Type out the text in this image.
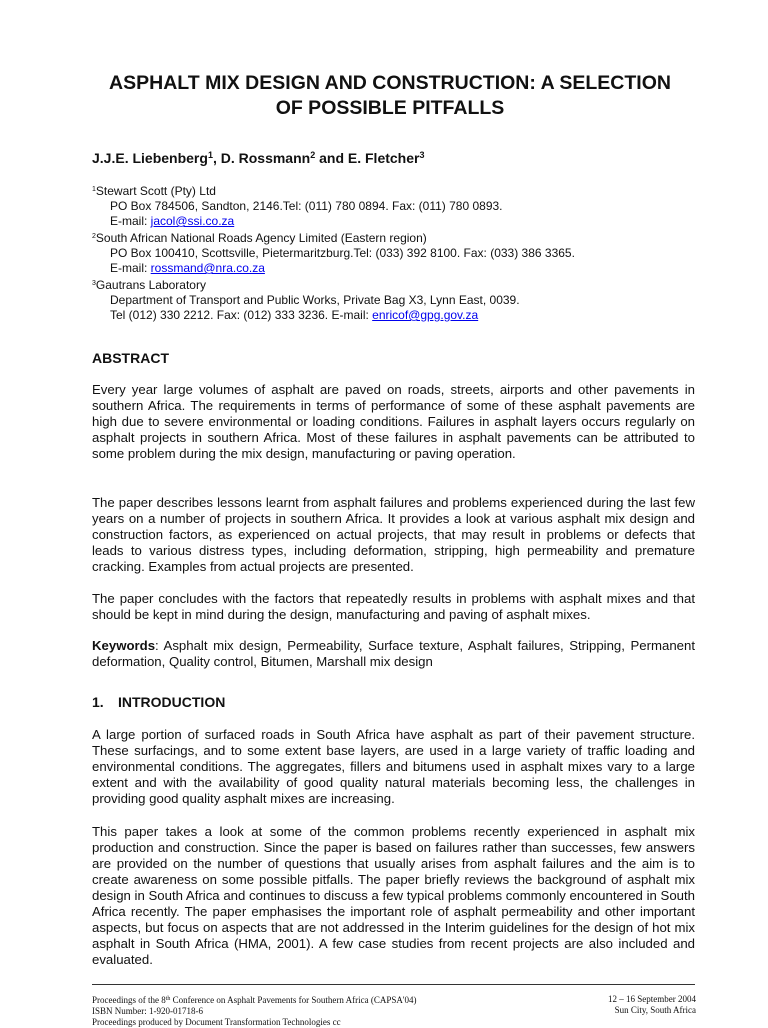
ASPHALT MIX DESIGN AND CONSTRUCTION: A SELECTION
OF POSSIBLE PITFALLS

J.J.E. Liebenberg$^1$, D. Rossmann$^2$ and E. Fletcher$^3$

$^1$Stewart Scott (Pty) Ltd
PO Box 784506, Sandton, 2146.Tel: (011) 780 0894. Fax: (011) 780 0893.
E-mail: jacol@ssi.co.za
$^2$South African National Roads Agency Limited (Eastern region)
PO Box 100410, Scottsville, Pietermaritzburg.Tel: (033) 392 8100. Fax: (033) 386 3365.
E-mail: rossmand@nra.co.za
$^3$Gautrans Laboratory
Department of Transport and Public Works, Private Bag X3, Lynn East, 0039.
Tel (012) 330 2212. Fax: (012) 333 3236. E-mail: enricof@gpg.gov.za
ABSTRACT

Every year large volumes of asphalt are paved on roads, streets, airports and other pavements in southern Africa. The requirements in terms of performance of some of these asphalt pavements are high due to severe environmental or loading conditions. Failures in asphalt layers occurs regularly on asphalt projects in southern Africa. Most of these failures in asphalt pavements can be attributed to some problem during the mix design, manufacturing or paving operation.

The paper describes lessons learnt from asphalt failures and problems experienced during the last few years on a number of projects in southern Africa. It provides a look at various asphalt mix design and construction factors, as experienced on actual projects, that may result in problems or defects that leads to various distress types, including deformation, stripping, high permeability and premature cracking. Examples from actual projects are presented.

The paper concludes with the factors that repeatedly results in problems with asphalt mixes and that should be kept in mind during the design, manufacturing and paving of asphalt mixes.

Keywords: Asphalt mix design, Permeability, Surface texture, Asphalt failures, Stripping, Permanent deformation, Quality control, Bitumen, Marshall mix design

1. INTRODUCTION

A large portion of surfaced roads in South Africa have asphalt as part of their pavement structure. These surfacings, and to some extent base layers, are used in a large variety of traffic loading and environmental conditions. The aggregates, fillers and bitumens used in asphalt mixes vary to a large extent and with the availability of good quality natural materials becoming less, the challenges in providing good quality asphalt mixes are increasing.

This paper takes a look at some of the common problems recently experienced in asphalt mix production and construction. Since the paper is based on failures rather than successes, few answers are provided on the number of questions that usually arises from asphalt failures and the aim is to create awareness on some possible pitfalls. The paper briefly reviews the background of asphalt mix design in South Africa and continues to discuss a few typical problems commonly encountered in South Africa recently. The paper emphasises the important role of asphalt permeability and other important aspects, but focus on aspects that are not addressed in the Interim guidelines for the design of hot mix asphalt in South Africa (HMA, 2001). A few case studies from recent projects are also included and evaluated.

Proceedings of the 8th Conference on Asphalt Pavements for Southern Africa (CAPSA'04)
ISBN Number: 1-920-01718-6
Proceedings produced by Document Transformation Technologies cc
12 – 16 September 2004
Sun City, South Africa
